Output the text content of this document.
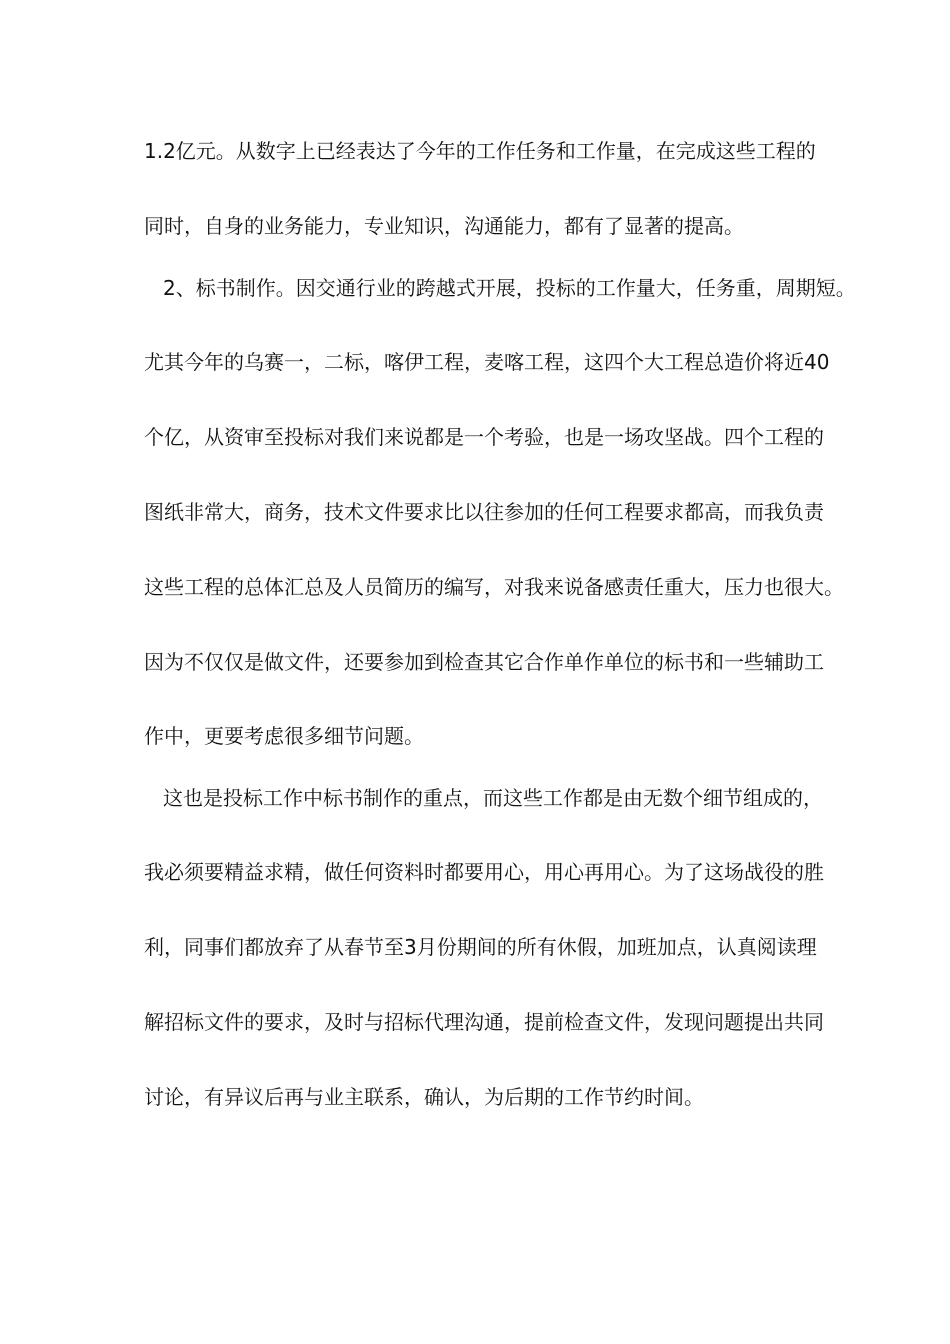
1.2亿元。从数字上已经表达了今年的工作任务和工作量，在完成这些工程的
同时，自身的业务能力，专业知识，沟通能力，都有了显著的提高。
2、标书制作。因交通行业的跨越式开展，投标的工作量大，任务重，周期短。
尤其今年的乌赛一，二标，喀伊工程，麦喀工程，这四个大工程总造价将近40
个亿，从资审至投标对我们来说都是一个考验，也是一场攻坚战。四个工程的
图纸非常大，商务，技术文件要求比以往参加的任何工程要求都高，而我负责
这些工程的总体汇总及人员简历的编写，对我来说备感责任重大，压力也很大。
因为不仅仅是做文件，还要参加到检查其它合作单作单位的标书和一些辅助工
作中，更要考虑很多细节问题。
这也是投标工作中标书制作的重点，而这些工作都是由无数个细节组成的，
我必须要精益求精，做任何资料时都要用心，用心再用心。为了这场战役的胜
利，同事们都放弃了从春节至3月份期间的所有休假，加班加点，认真阅读理
解招标文件的要求，及时与招标代理沟通，提前检查文件，发现问题提出共同
讨论，有异议后再与业主联系，确认，为后期的工作节约时间。
